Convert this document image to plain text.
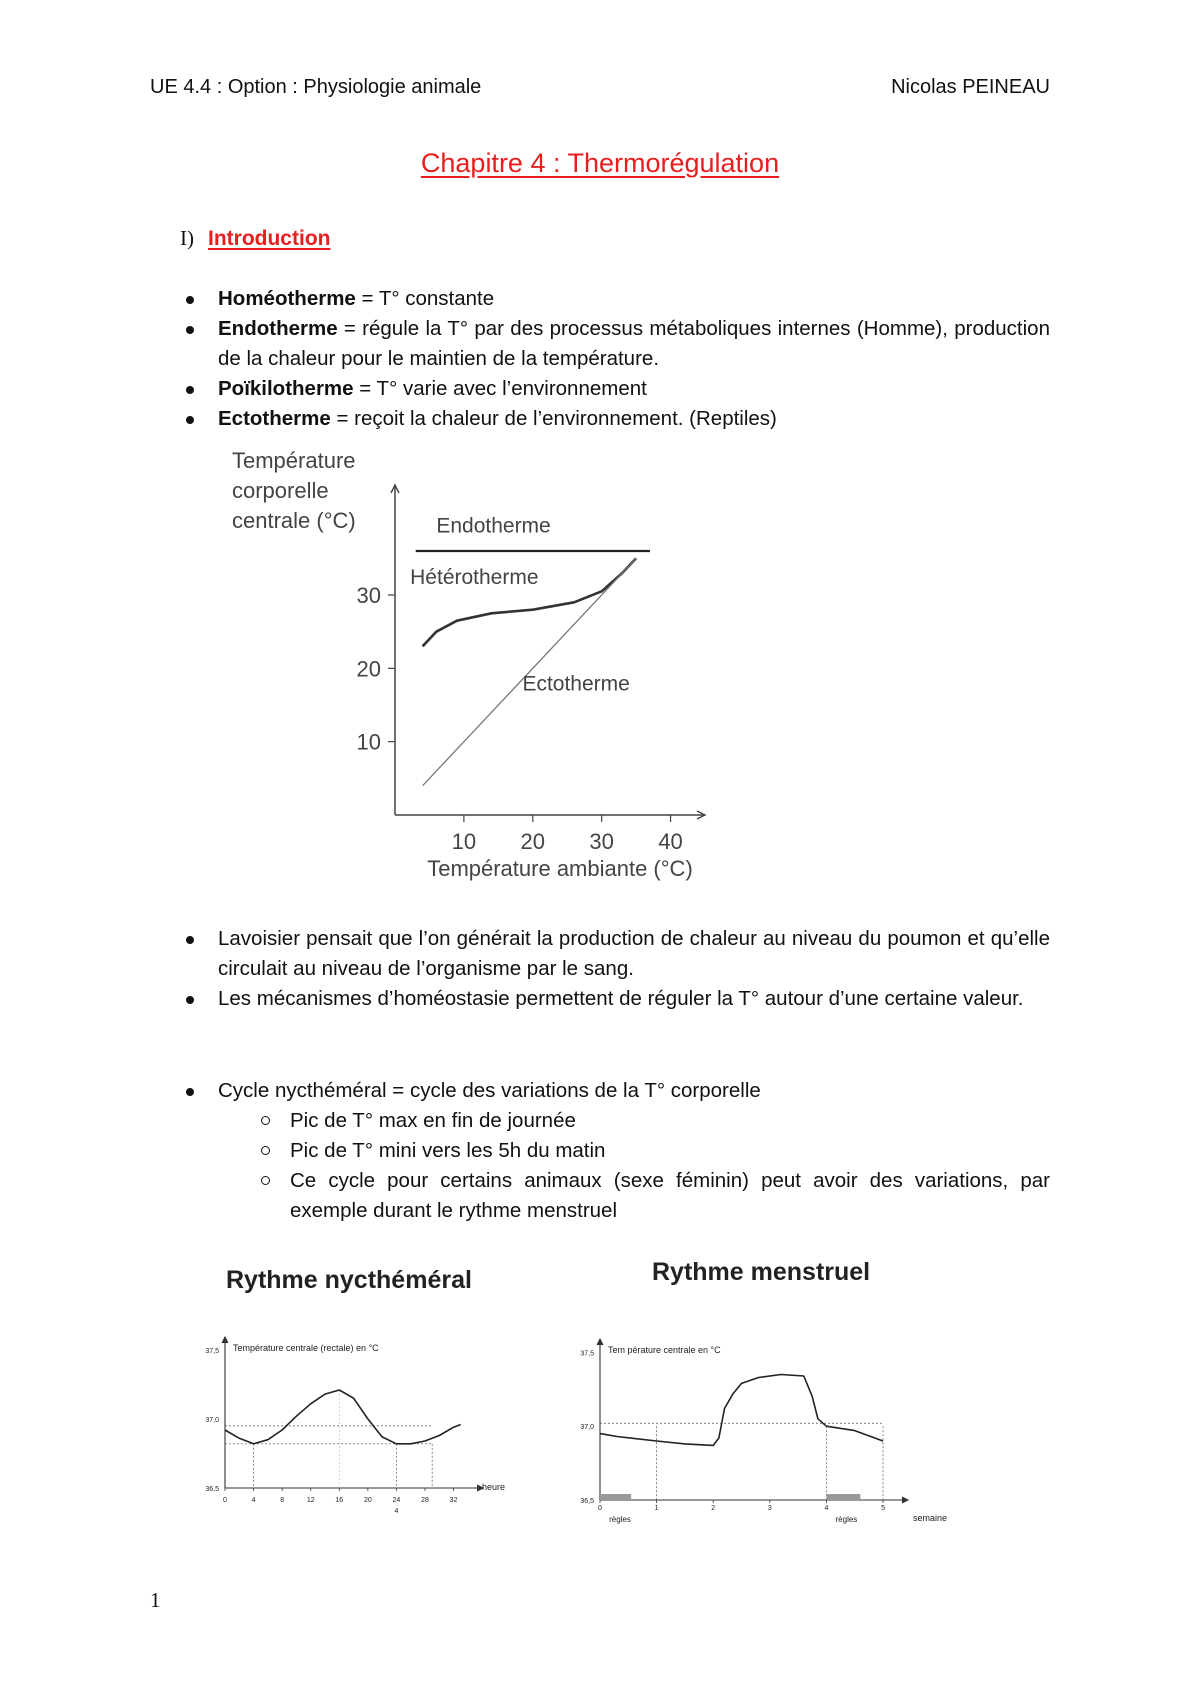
UE 4.4 : Option : Physiologie animale	Nicolas PEINEAU
Chapitre 4 : Thermorégulation
I) Introduction
Homéotherme = T° constante
Endotherme = régule la T° par des processus métaboliques internes (Homme), production de la chaleur pour le maintien de la température.
Poïkilotherme = T° varie avec l’environnement
Ectotherme = reçoit la chaleur de l’environnement. (Reptiles)
Température
corporelle
centrale (°C)
Température ambiante (°C)
10 20 30 40
10
20
30
Endotherme
Hétérotherme
Ectotherme
Lavoisier pensait que l’on générait la production de chaleur au niveau du poumon et qu’elle circulait au niveau de l’organisme par le sang.
Les mécanismes d’homéostasie permettent de réguler la T° autour d’une certaine valeur.
Cycle nycthéméral = cycle des variations de la T° corporelle
Pic de T° max en fin de journée
Pic de T° mini vers les 5h du matin
Ce cycle pour certains animaux (sexe féminin) peut avoir des variations, par exemple durant le rythme menstruel
Rythme nycthéméral	Rythme menstruel
Température centrale (rectale) en °C
36,5
37,0
37,5
0	4	8	12	16	20	24	28	32
4
heure
Tem pérature centrale en °C
36,5
37,0
37,5
0	1	2	3	4	5
règles	règles	semaine
1
